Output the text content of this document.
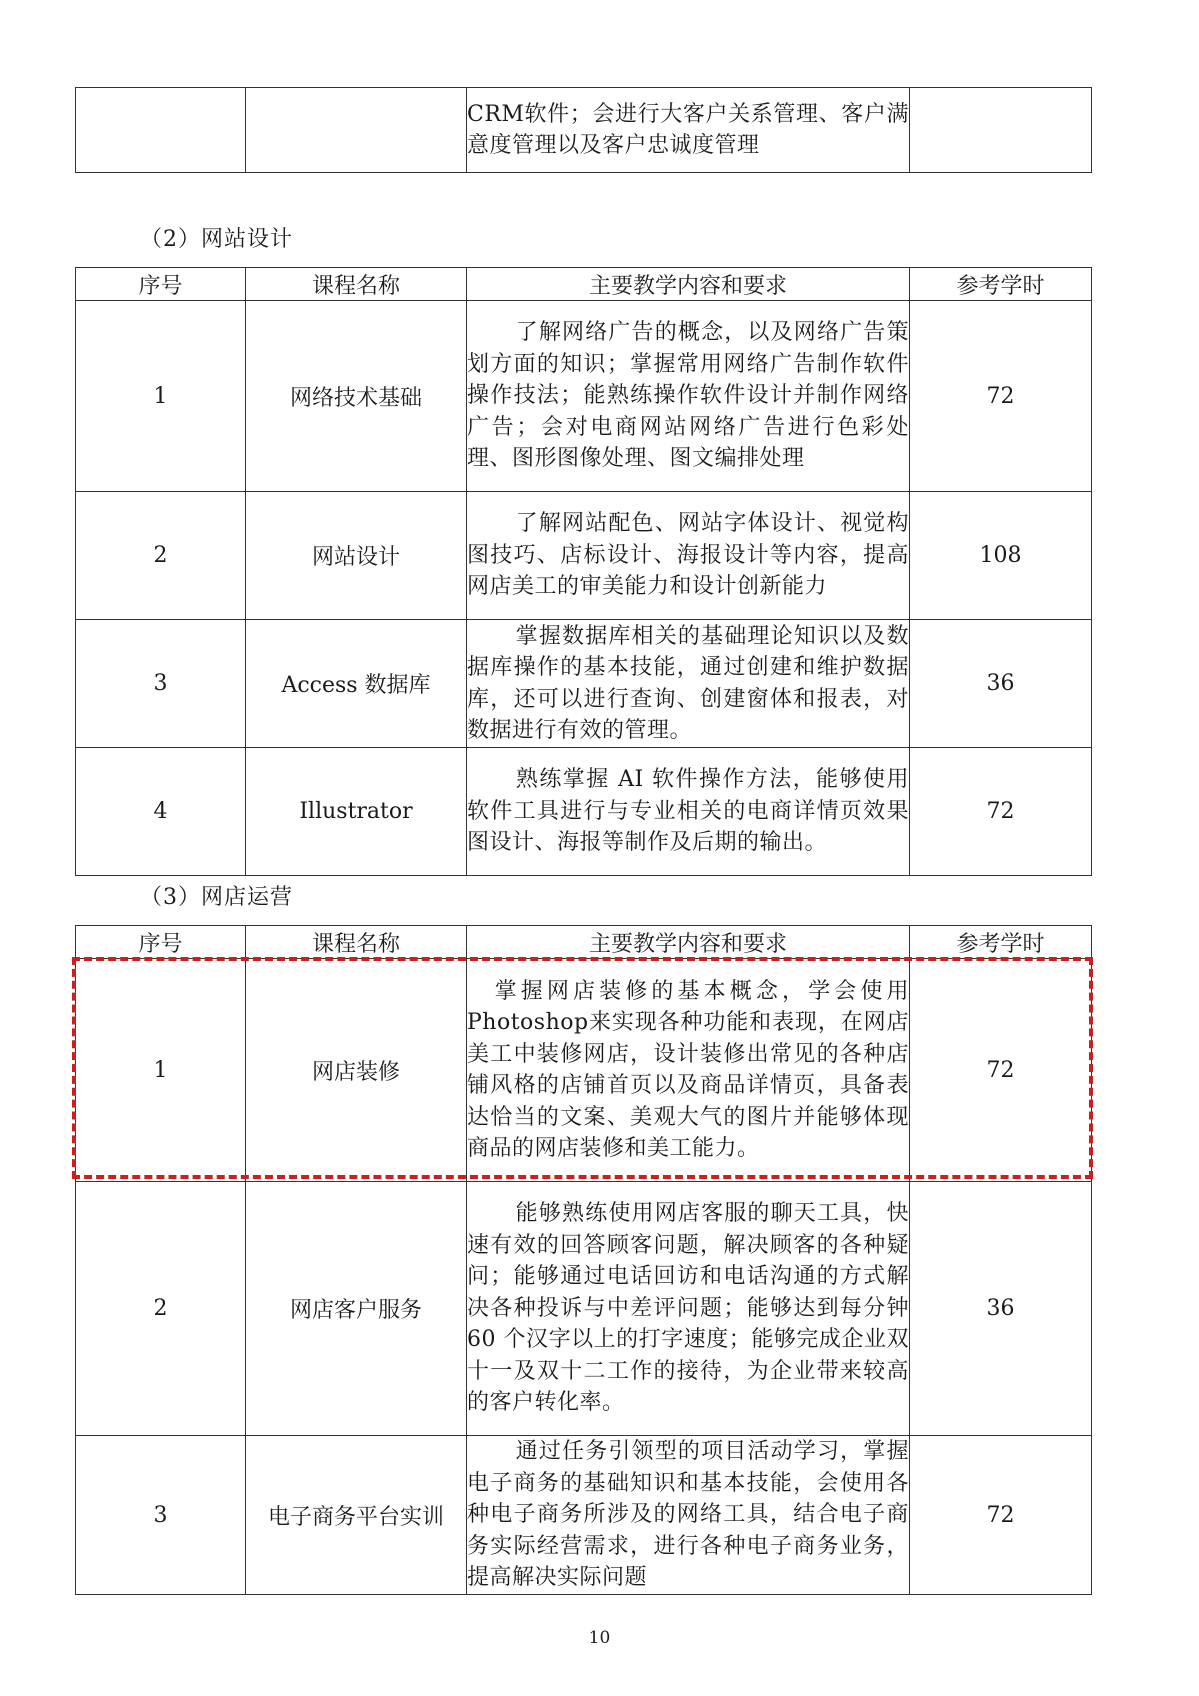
		CRM软件；会进行大客户关系管理、客户满意度管理以及客户忠诚度管理	
（2）网站设计
序号	课程名称	主要教学内容和要求	参考学时
1	网络技术基础	了解网络广告的概念，以及网络广告策划方面的知识；掌握常用网络广告制作软件操作技法；能熟练操作软件设计并制作网络广告；会对电商网站网络广告进行色彩处理、图形图像处理、图文编排处理	72
2	网站设计	了解网站配色、网站字体设计、视觉构图技巧、店标设计、海报设计等内容，提高网店美工的审美能力和设计创新能力	108
3	Access 数据库	掌握数据库相关的基础理论知识以及数据库操作的基本技能，通过创建和维护数据库，还可以进行查询、创建窗体和报表，对数据进行有效的管理。	36
4	Illustrator	熟练掌握 AI 软件操作方法，能够使用软件工具进行与专业相关的电商详情页效果图设计、海报等制作及后期的输出。	72
（3）网店运营
序号	课程名称	主要教学内容和要求	参考学时
1	网店装修	掌握网店装修的基本概念，学会使用Photoshop来实现各种功能和表现，在网店美工中装修网店，设计装修出常见的各种店铺风格的店铺首页以及商品详情页，具备表达恰当的文案、美观大气的图片并能够体现商品的网店装修和美工能力。	72
2	网店客户服务	能够熟练使用网店客服的聊天工具，快速有效的回答顾客问题，解决顾客的各种疑问；能够通过电话回访和电话沟通的方式解决各种投诉与中差评问题；能够达到每分钟 60 个汉字以上的打字速度；能够完成企业双十一及双十二工作的接待，为企业带来较高的客户转化率。	36
3	电子商务平台实训	通过任务引领型的项目活动学习，掌握电子商务的基础知识和基本技能，会使用各种电子商务所涉及的网络工具，结合电子商务实际经营需求，进行各种电子商务业务，提高解决实际问题	72
10
